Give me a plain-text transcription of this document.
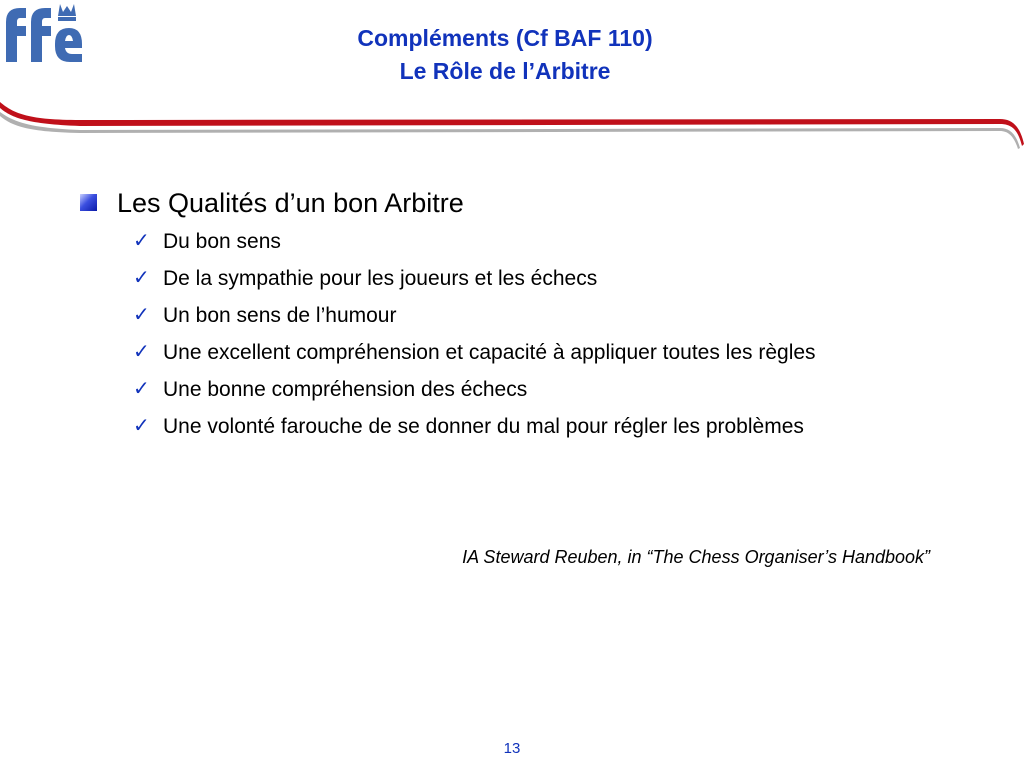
Compléments (Cf BAF 110)
Le Rôle de l’Arbitre
Les Qualités d’un bon Arbitre
✓ Du bon sens
✓ De la sympathie pour les joueurs et les échecs
✓ Un bon sens de l’humour
✓ Une excellent compréhension et capacité à appliquer toutes les règles
✓ Une bonne compréhension des échecs
✓ Une volonté farouche de se donner du mal pour régler les problèmes
IA Steward Reuben, in “The Chess Organiser’s Handbook”
13
